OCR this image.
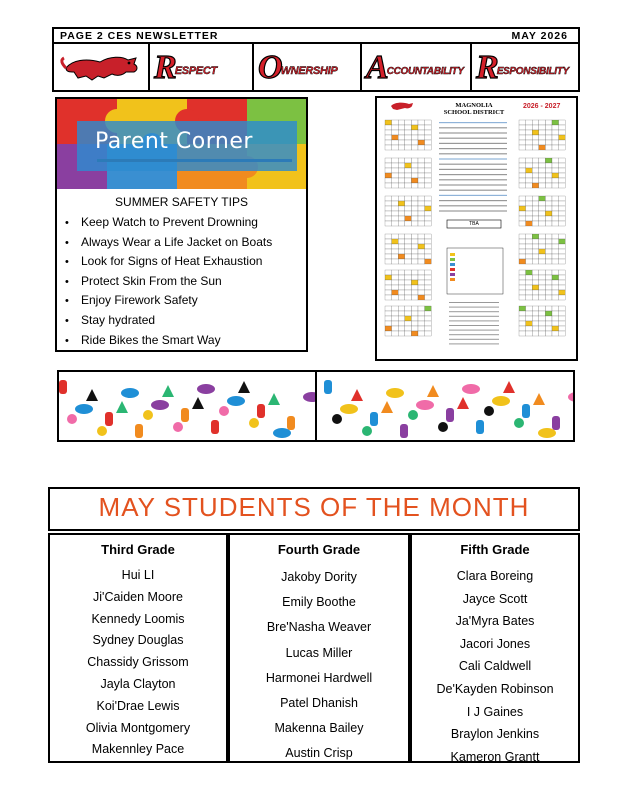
PAGE 2 CES NEWSLETTER	MAY 2026
R
ESPECT O
WNERSHIP A
CCOUNTABILITY R
ESPONSIBILITY
Parent Corner
SUMMER SAFETY TIPS
• Keep Watch to Prevent Drowning
• Always Wear a Life Jacket on Boats
• Look for Signs of Heat Exhaustion
• Protect Skin From the Sun
• Enjoy Firework Safety
• Stay hydrated
• Ride Bikes the Smart Way
MAGNOLIA
SCHOOL DISTRICT
2026 - 2027
TBA
MAY STUDENTS OF THE MONTH
Third Grade
Hui LI
Ji'Caiden Moore
Kennedy Loomis
Sydney Douglas
Chassidy Grissom
Jayla Clayton
Koi'Drae Lewis
Olivia Montgomery
Makennley Pace
Fourth Grade
Jakoby Dority
Emily Boothe
Bre'Nasha Weaver
Lucas Miller
Harmonei Hardwell
Patel Dhanish
Makenna Bailey
Austin Crisp
Fifth Grade
Clara Boreing
Jayce Scott
Ja'Myra Bates
Jacori Jones
Cali Caldwell
De'Kayden Robinson
I J Gaines
Braylon Jenkins
Kameron Grantt
